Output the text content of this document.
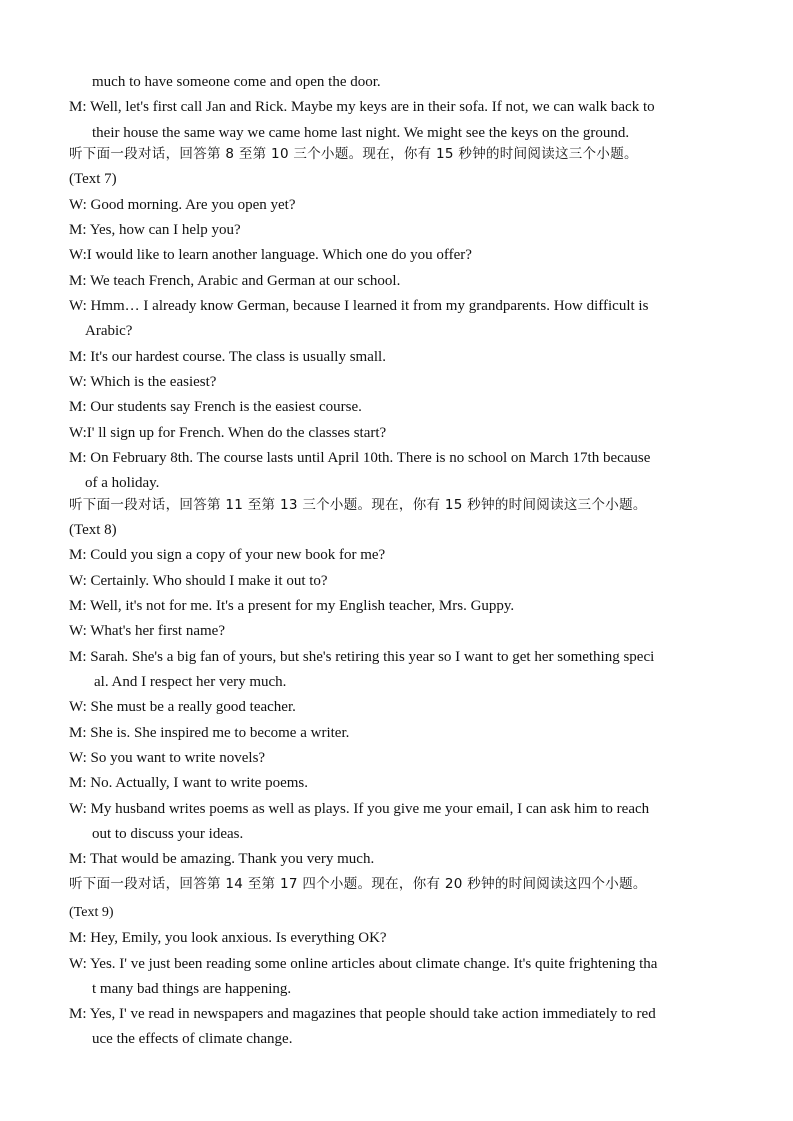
much to have someone come and open the door.
M: Well, let's first call Jan and Rick. Maybe my keys are in their sofa. If not, we can walk back to
their house the same way we came home last night. We might see the keys on the ground.
听下面一段对话，回答第 8 至第 10 三个小题。现在，你有 15 秒钟的时间阅读这三个小题。
(Text 7)
W: Good morning. Are you open yet?
M: Yes, how can I help you?
W:I would like to learn another language. Which one do you offer?
M: We teach French, Arabic and German at our school.
W: Hmm… I already know German, because I learned it from my grandparents. How difficult is
Arabic?
M: It's our hardest course. The class is usually small.
W: Which is the easiest?
M: Our students say French is the easiest course.
W:I' ll sign up for French. When do the classes start?
M: On February 8th. The course lasts until April 10th. There is no school on March 17th because
of a holiday.
听下面一段对话，回答第 11 至第 13 三个小题。现在，你有 15 秒钟的时间阅读这三个小题。
(Text 8)
M: Could you sign a copy of your new book for me?
W: Certainly. Who should I make it out to?
M: Well, it's not for me. It's a present for my English teacher, Mrs. Guppy.
W: What's her first name?
M: Sarah. She's a big fan of yours, but she's retiring this year so I want to get her something speci
al. And I respect her very much.
W: She must be a really good teacher.
M: She is. She inspired me to become a writer.
W: So you want to write novels?
M: No. Actually, I want to write poems.
W: My husband writes poems as well as plays. If you give me your email, I can ask him to reach
out to discuss your ideas.
M: That would be amazing. Thank you very much.
听下面一段对话，回答第 14 至第 17 四个小题。现在，你有 20 秒钟的时间阅读这四个小题。
(Text 9)
M: Hey, Emily, you look anxious. Is everything OK?
W: Yes. I' ve just been reading some online articles about climate change. It's quite frightening tha
t many bad things are happening.
M: Yes, I' ve read in newspapers and magazines that people should take action immediately to red
uce the effects of climate change.
